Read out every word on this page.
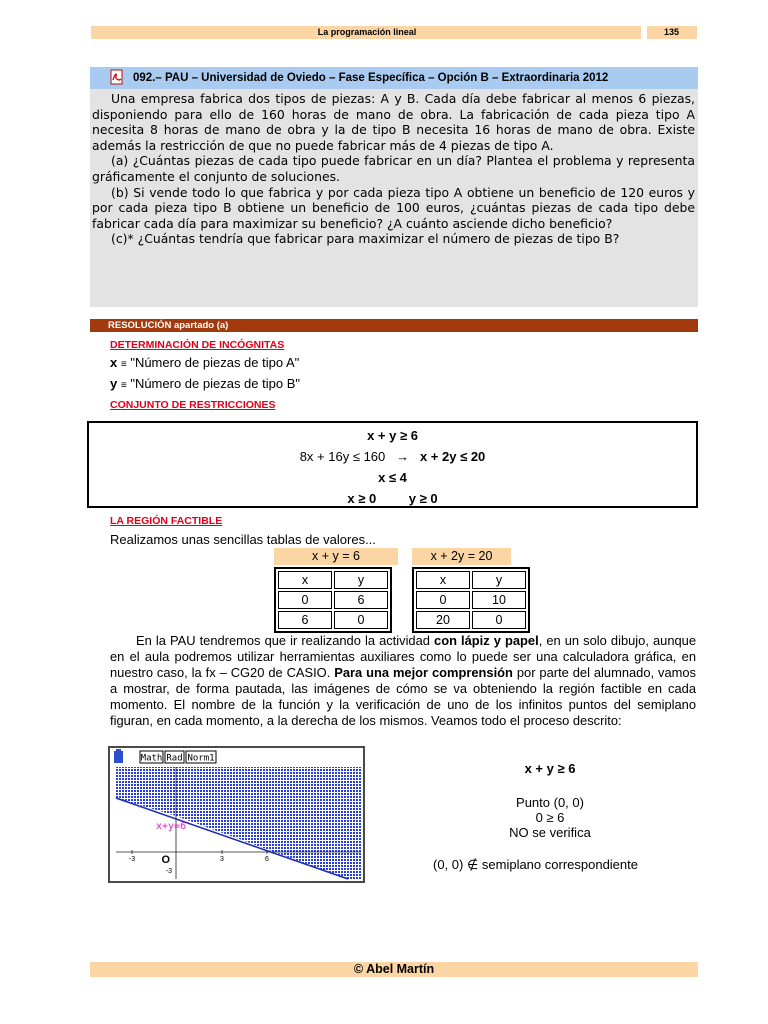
La programación lineal	135
092.– PAU – Universidad de Oviedo – Fase Específica – Opción B – Extraordinaria 2012

Una empresa fabrica dos tipos de piezas: A y B. Cada día debe fabricar al menos 6 piezas, disponiendo para ello de 160 horas de mano de obra. La fabricación de cada pieza tipo A necesita 8 horas de mano de obra y la de tipo B necesita 16 horas de mano de obra. Existe además la restricción de que no puede fabricar más de 4 piezas de tipo A.

(a) ¿Cuántas piezas de cada tipo puede fabricar en un día? Plantea el problema y representa gráficamente el conjunto de soluciones.

(b) Si vende todo lo que fabrica y por cada pieza tipo A obtiene un beneficio de 120 euros y por cada pieza tipo B obtiene un beneficio de 100 euros, ¿cuántas piezas de cada tipo debe fabricar cada día para maximizar su beneficio? ¿A cuánto asciende dicho beneficio?

(c)* ¿Cuántas tendría que fabricar para maximizar el número de piezas de tipo B?

RESOLUCIÓN apartado (a)
DETERMINACIÓN DE INCÓGNITAS
x ≡ "Número de piezas de tipo A"
y ≡ "Número de piezas de tipo B"
CONJUNTO DE RESTRICCIONES
x + y ≥ 6
8x + 16y ≤ 160 → x + 2y ≤ 20
x ≤ 4
x ≥ 0	y ≥ 0
LA REGIÓN FACTIBLE
Realizamos unas sencillas tablas de valores...
x + y = 6
x	y
0	6
6	0
x + 2y = 20
x	y
0	10
20	0

En la PAU tendremos que ir realizando la actividad con lápiz y papel, en un solo dibujo, aunque en el aula podremos utilizar herramientas auxiliares como lo puede ser una calculadora gráfica, en nuestro caso, la fx – CG20 de CASIO. Para una mejor comprensión por parte del alumnado, vamos a mostrar, de forma pautada, las imágenes de cómo se va obteniendo la región factible en cada momento. El nombre de la función y la verificación de uno de los infinitos puntos del semiplano figuran, en cada momento, a la derecha de los mismos. Veamos todo el proceso descrito:

Math Rad Norm1
-3	3	6
-3
O
x+y=6
x + y ≥ 6
Punto (0, 0)
0 ≥ 6
NO se verifica
(0, 0) ∉ semiplano correspondiente
© Abel Martín
